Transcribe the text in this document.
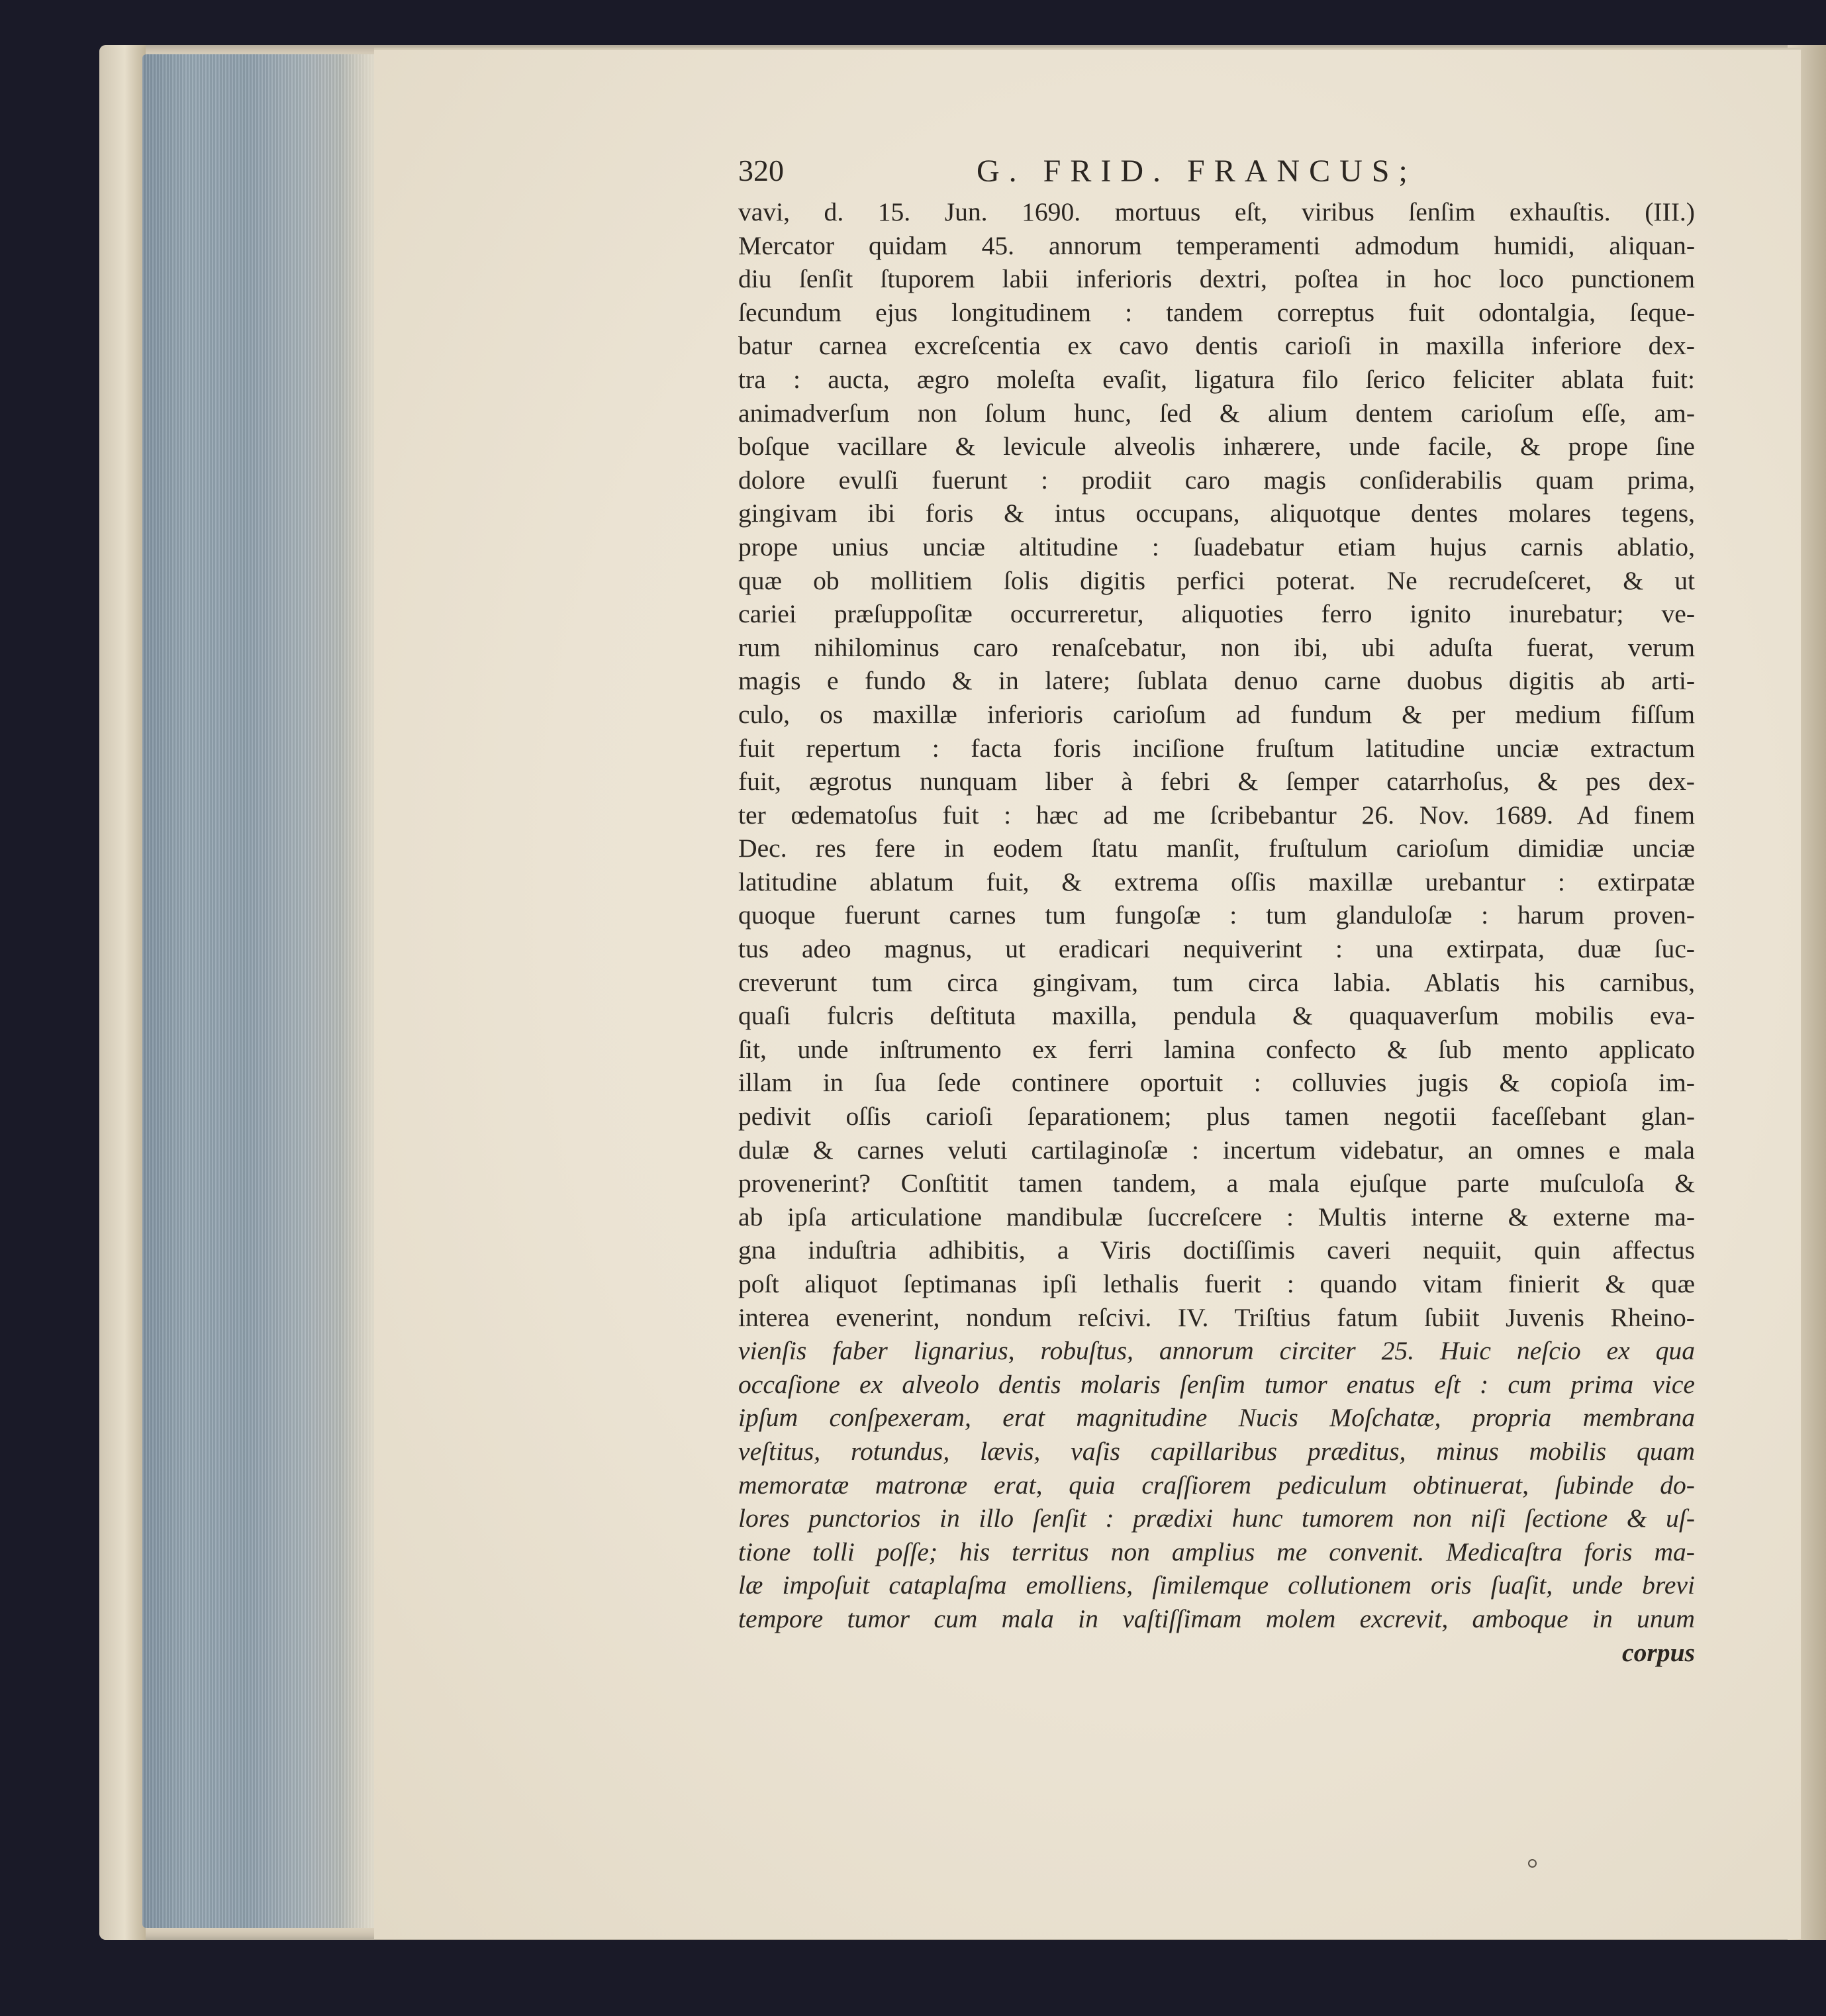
320	G. FRID. FRANCUS;
vavi, d. 15. Jun. 1690. mortuus eſt, viribus ſenſim exhauſtis. (III.)
Mercator quidam 45. annorum temperamenti admodum humidi, aliquan-
diu ſenſit ſtuporem labii inferioris dextri, poſtea in hoc loco punctionem
ſecundum ejus longitudinem : tandem correptus fuit odontalgia, ſeque-
batur carnea excreſcentia ex cavo dentis carioſi in maxilla inferiore dex-
tra : aucta, ægro moleſta evaſit, ligatura filo ſerico feliciter ablata fuit:
animadverſum non ſolum hunc, ſed & alium dentem carioſum eſſe, am-
boſque vacillare & levicule alveolis inhærere, unde facile, & prope ſine
dolore evulſi fuerunt : prodiit caro magis conſiderabilis quam prima,
gingivam ibi foris & intus occupans, aliquotque dentes molares tegens,
prope unius unciæ altitudine : ſuadebatur etiam hujus carnis ablatio,
quæ ob mollitiem ſolis digitis perfici poterat. Ne recrudeſceret, & ut
cariei præſuppoſitæ occurreretur, aliquoties ferro ignito inurebatur; ve-
rum nihilominus caro renaſcebatur, non ibi, ubi aduſta fuerat, verum
magis e fundo & in latere; ſublata denuo carne duobus digitis ab arti-
culo, os maxillæ inferioris carioſum ad fundum & per medium fiſſum
fuit repertum : facta foris inciſione fruſtum latitudine unciæ extractum
fuit, ægrotus nunquam liber à febri & ſemper catarrhoſus, & pes dex-
ter œdematoſus fuit : hæc ad me ſcribebantur 26. Nov. 1689. Ad finem
Dec. res fere in eodem ſtatu manſit, fruſtulum carioſum dimidiæ unciæ
latitudine ablatum fuit, & extrema oſſis maxillæ urebantur : extirpatæ
quoque fuerunt carnes tum fungoſæ : tum glanduloſæ : harum proven-
tus adeo magnus, ut eradicari nequiverint : una extirpata, duæ ſuc-
creverunt tum circa gingivam, tum circa labia. Ablatis his carnibus,
quaſi fulcris deſtituta maxilla, pendula & quaquaverſum mobilis eva-
ſit, unde inſtrumento ex ferri lamina confecto & ſub mento applicato
illam in ſua ſede continere oportuit : colluvies jugis & copioſa im-
pedivit oſſis carioſi ſeparationem; plus tamen negotii faceſſebant glan-
dulæ & carnes veluti cartilaginoſæ : incertum videbatur, an omnes e mala
provenerint? Conſtitit tamen tandem, a mala ejuſque parte muſculoſa &
ab ipſa articulatione mandibulæ ſuccreſcere : Multis interne & externe ma-
gna induſtria adhibitis, a Viris doctiſſimis caveri nequiit, quin affectus
poſt aliquot ſeptimanas ipſi lethalis fuerit : quando vitam finierit & quæ
interea evenerint, nondum reſcivi. IV. Triſtius fatum ſubiit Juvenis Rheino-
vienſis faber lignarius, robuſtus, annorum circiter 25. Huic neſcio ex qua
occaſione ex alveolo dentis molaris ſenſim tumor enatus eſt : cum prima vice
ipſum conſpexeram, erat magnitudine Nucis Moſchatæ, propria membrana
veſtitus, rotundus, lævis, vaſis capillaribus præditus, minus mobilis quam
memoratæ matronæ erat, quia craſſiorem pediculum obtinuerat, ſubinde do-
lores punctorios in illo ſenſit : prædixi hunc tumorem non niſi ſectione & uſ-
tione tolli poſſe; his territus non amplius me convenit. Medicaſtra foris ma-
læ impoſuit cataplaſma emolliens, ſimilemque collutionem oris ſuaſit, unde brevi
tempore tumor cum mala in vaſtiſſimam molem excrevit, amboque in unum
corpus
